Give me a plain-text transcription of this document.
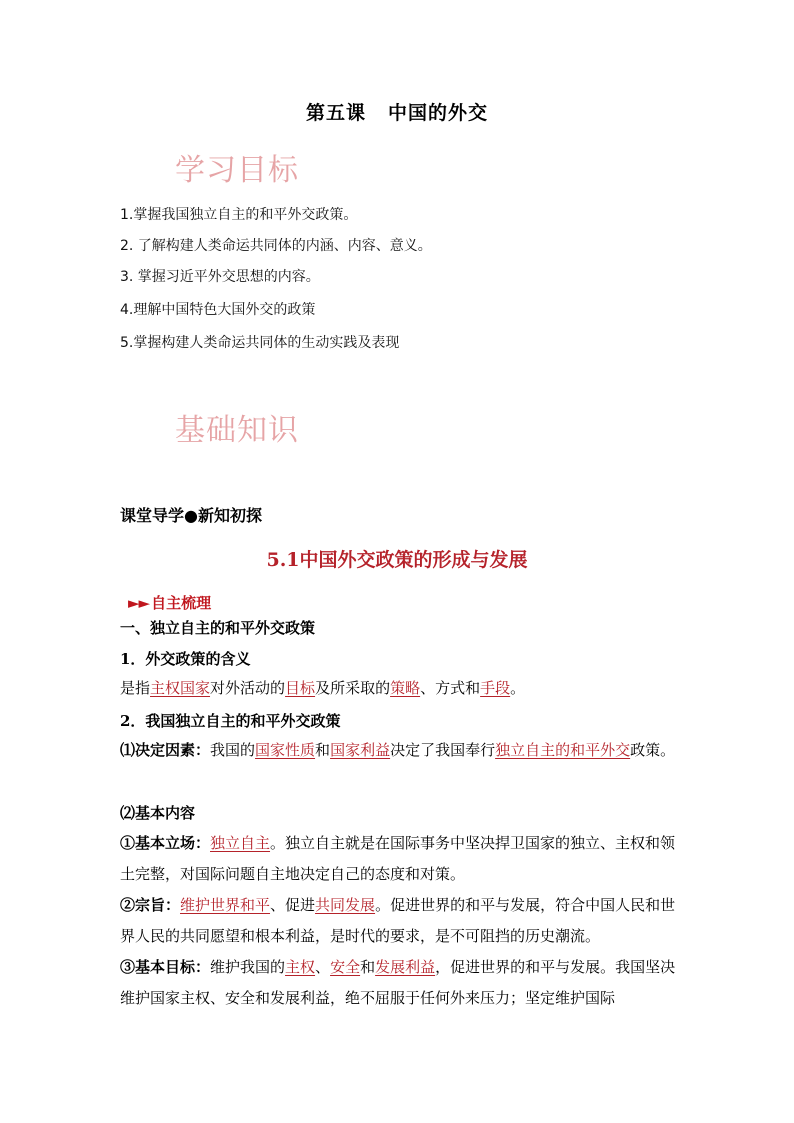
第五课 中国的外交
学习目标
1.掌握我国独立自主的和平外交政策。
2. 了解构建人类命运共同体的内涵、内容、意义。
3. 掌握习近平外交思想的内容。
4.理解中国特色大国外交的政策
5.掌握构建人类命运共同体的生动实践及表现
基础知识
课堂导学●新知初探
5.1中国外交政策的形成与发展
►► 自主梳理
一、独立自主的和平外交政策
1．外交政策的含义
是指主权国家对外活动的目标及所采取的策略、方式和手段。
2．我国独立自主的和平外交政策
⑴决定因素：我国的国家性质和国家利益决定了我国奉行独立自主的和平外交政策。
⑵基本内容
①基本立场：独立自主。独立自主就是在国际事务中坚决捍卫国家的独立、主权和领土完整，对国际问题自主地决定自己的态度和对策。
②宗旨：维护世界和平、促进共同发展。促进世界的和平与发展，符合中国人民和世界人民的共同愿望和根本利益，是时代的要求，是不可阻挡的历史潮流。
③基本目标：维护我国的主权、安全和发展利益，促进世界的和平与发展。我国坚决维护国家主权、安全和发展利益，绝不屈服于任何外来压力；坚定维护国际
